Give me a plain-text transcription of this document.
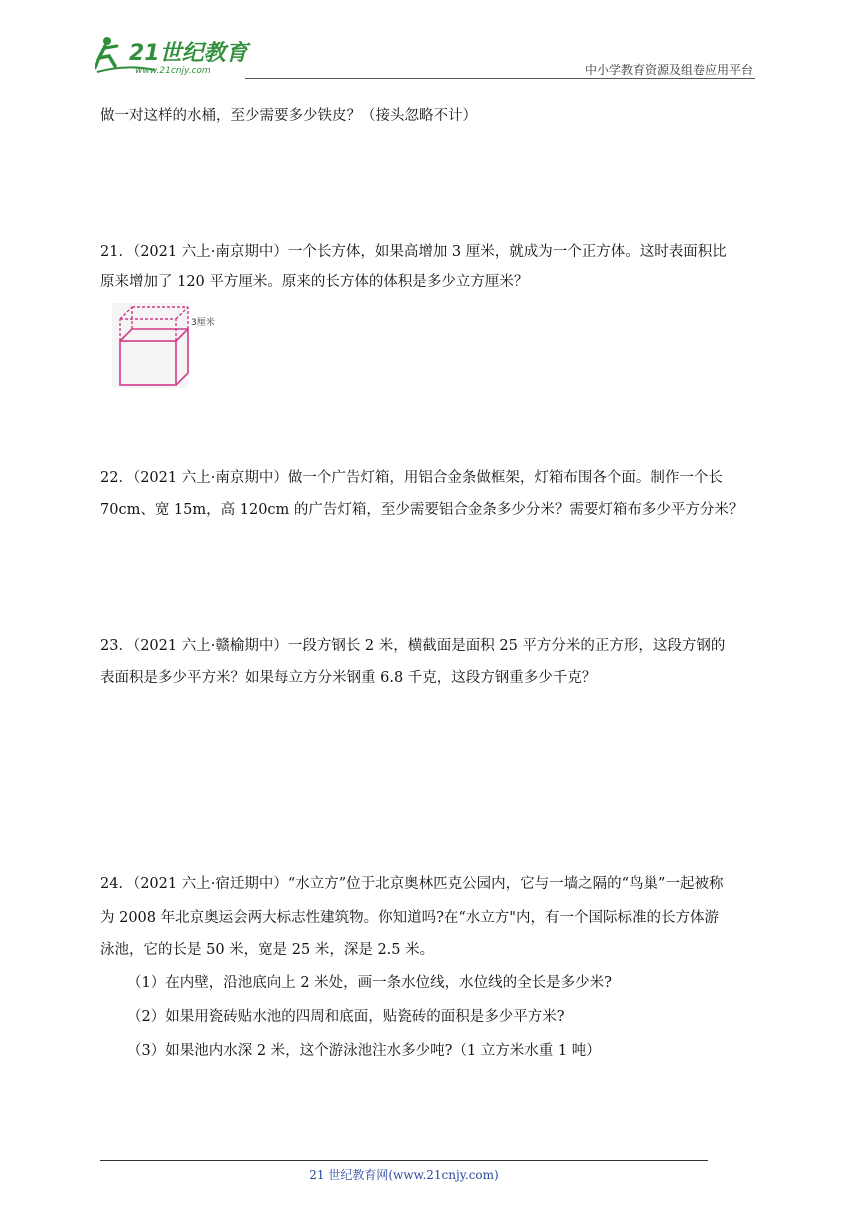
21世纪教育
www.21cnjy.com	中小学教育资源及组卷应用平台
做一对这样的水桶，至少需要多少铁皮？（接头忽略不计）
21．（2021 六上·南京期中）一个长方体，如果高增加 3 厘米，就成为一个正方体。这时表面积比
原来增加了 120 平方厘米。原来的长方体的体积是多少立方厘米？
3厘米
22．（2021 六上·南京期中）做一个广告灯箱，用铝合金条做框架，灯箱布围各个面。制作一个长
70cm、宽 15m，高 120cm 的广告灯箱，至少需要铝合金条多少分米？需要灯箱布多少平方分米？
23．（2021 六上·赣榆期中）一段方钢长 2 米，横截面是面积 25 平方分米的正方形，这段方钢的
表面积是多少平方米？如果每立方分米钢重 6.8 千克，这段方钢重多少千克？
24．（2021 六上·宿迁期中）“水立方”位于北京奥林匹克公园内，它与一墙之隔的“鸟巢”一起被称
为 2008 年北京奥运会两大标志性建筑物。你知道吗?在“水立方"内，有一个国际标准的长方体游
泳池，它的长是 50 米，宽是 25 米，深是 2.5 米。
（1）在内壁，沿池底向上 2 米处，画一条水位线，水位线的全长是多少米?
（2）如果用瓷砖贴水池的四周和底面，贴瓷砖的面积是多少平方米?
（3）如果池内水深 2 米，这个游泳池注水多少吨?（1 立方米水重 1 吨）
21 世纪教育网(www.21cnjy.com)
